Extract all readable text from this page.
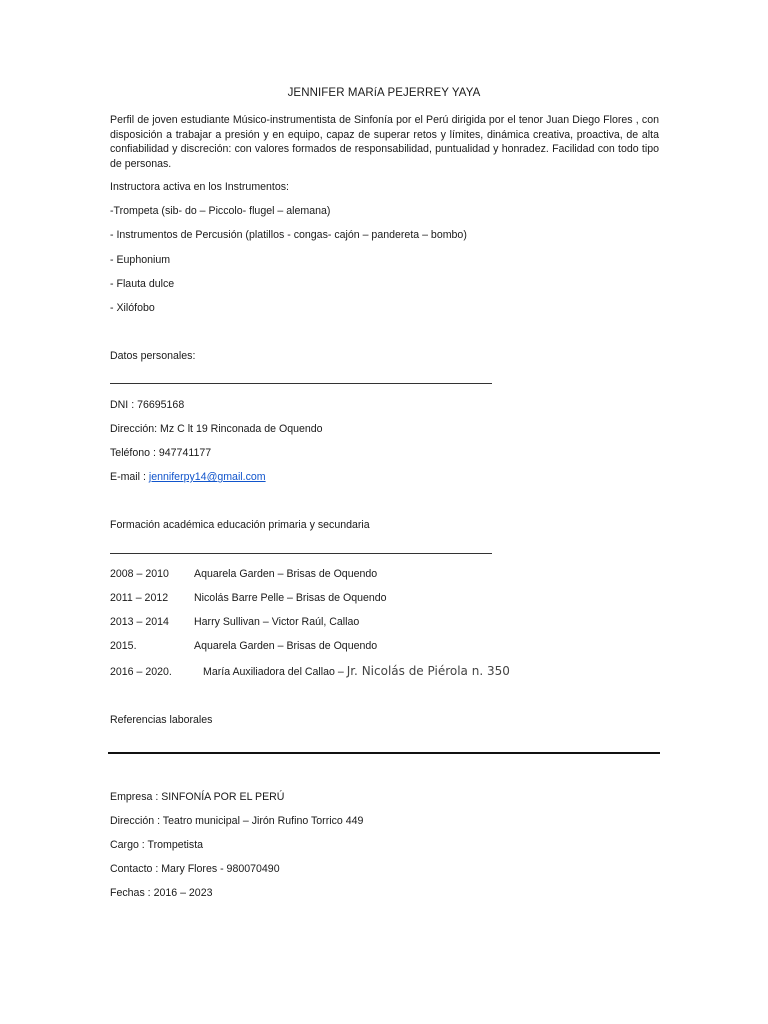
JENNIFER MARíA PEJERREY YAYA
Perfil de joven estudiante Músico-instrumentista de Sinfonía por el Perú dirigida por el tenor Juan Diego Flores , con disposición a trabajar a presión y en equipo, capaz de superar retos y límites, dinámica creativa, proactiva, de alta confiabilidad y discreción: con valores formados de responsabilidad, puntualidad y honradez. Facilidad con todo tipo de personas.
Instructora activa en los Instrumentos:
-Trompeta (sib- do – Piccolo- flugel – alemana)
- Instrumentos de Percusión (platillos - congas- cajón – pandereta – bombo)
- Euphonium
- Flauta dulce
- Xilófobo
Datos personales:
DNI : 76695168
Dirección: Mz C lt 19 Rinconada de Oquendo
Teléfono : 947741177
E-mail : jenniferpy14@gmail.com
Formación académica educación primaria y secundaria
2008 – 2010 Aquarela Garden – Brisas de Oquendo
2011 – 2012 Nicolás Barre Pelle – Brisas de Oquendo
2013 – 2014 Harry Sullivan – Victor Raúl, Callao
2015.	Aquarela Garden – Brisas de Oquendo
2016 – 2020.	María Auxiliadora del Callao – Jr. Nicolás de Piérola n. 350
Referencias laborales
Empresa : SINFONÍA POR EL PERÚ
Dirección : Teatro municipal – Jirón Rufino Torrico 449
Cargo : Trompetista
Contacto : Mary Flores - 980070490
Fechas : 2016 – 2023
